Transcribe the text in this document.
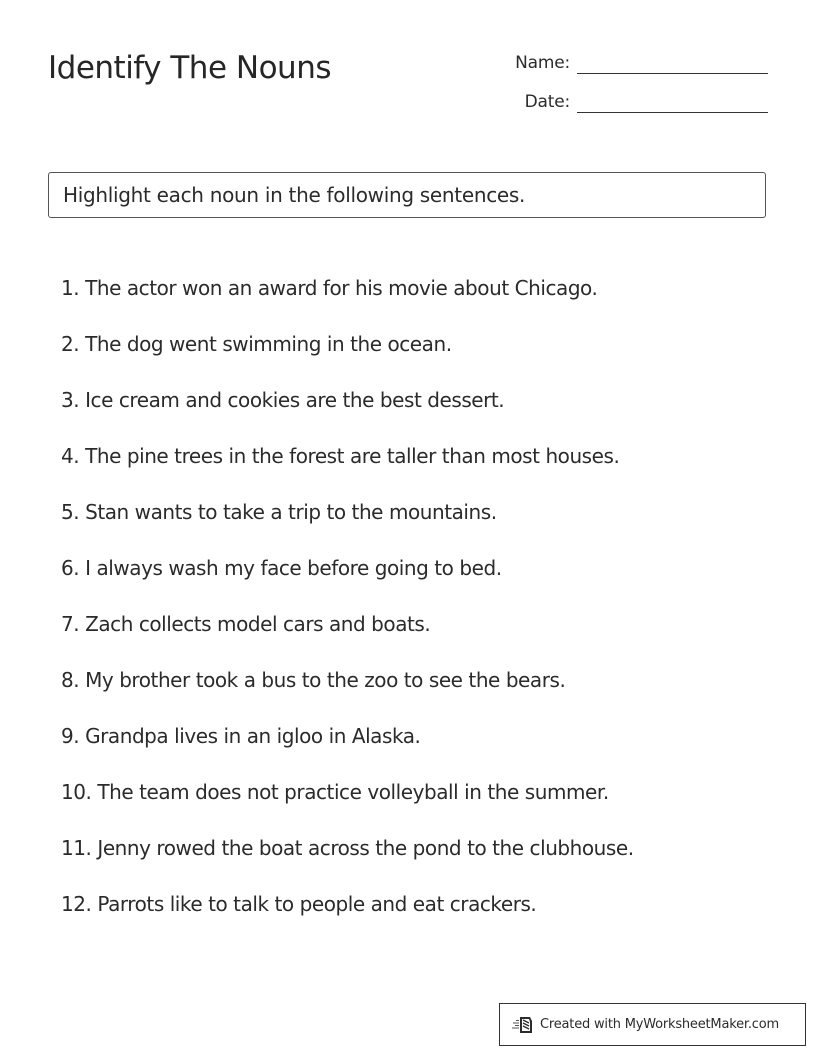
Identify The Nouns	Name:
Date:
Highlight each noun in the following sentences.
1. The actor won an award for his movie about Chicago.
2. The dog went swimming in the ocean.
3. Ice cream and cookies are the best dessert.
4. The pine trees in the forest are taller than most houses.
5. Stan wants to take a trip to the mountains.
6. I always wash my face before going to bed.
7. Zach collects model cars and boats.
8. My brother took a bus to the zoo to see the bears.
9. Grandpa lives in an igloo in Alaska.
10. The team does not practice volleyball in the summer.
11. Jenny rowed the boat across the pond to the clubhouse.
12. Parrots like to talk to people and eat crackers.
Created with MyWorksheetMaker.com
